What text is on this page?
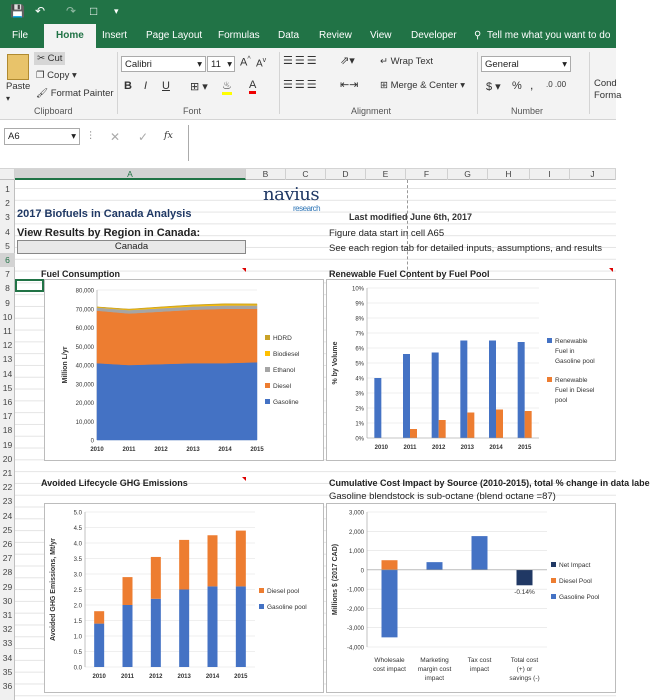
💾 ↶ ↷ □ ▾
File	Home	Insert Page Layout Formulas Data Review View Developer ⚲ Tell me what you want to do
Paste
▾
✂ Cut
❐ Copy ▾
🖌 Format Painter
Clipboard
Calibri	▾ 11 ▾ A^ $A^v$
B I U ⊞ ▾ ♨ A
Font
☰☰☰ ⇗▾	↵ Wrap Text
☰☰☰ ⇤⇥ ⊞ Merge & Center ▾
Alignment
General	▾
$ ▾ % , .0 .00
Number
Cond
Forma
A6	▾ ⋮ ✕ ✓ fx
A	B	C	D	E	F	G	H	I	J
1
2
3
4
5
6
7
8
9
10
11
12
13
14
15
16
17
18
19
20
21
22
23
24
25
26
27
28
29
30
31
32
33
34
35
36
2017 Biofuels in Canada Analysis
navius
research
Last modified June 6th, 2017
View Results by Region in Canada:
Canada
Figure data start in cell A65
See each region tab for detailed inputs, assumptions, and results
Fuel Consumption	Renewable Fuel Content by Fuel Pool
0
10,000
20,000
30,000
40,000
50,000
60,000
70,000
80,000
Million L/yr
2010	2011	2012	2013	2014	2015
HDRD
Biodiesel
Ethanol
Diesel
Gasoline
0%
1%
2%
3%
4%
5%
6%
7%
8%
9%
10%
% by Volume
2010	2011	2012	2013	2014	2015
Renewable
Fuel in
Gasoline pool
Renewable
Fuel in Diesel
pool
Avoided Lifecycle GHG Emissions	Cumulative Cost Impact by Source (2010-2015), total % change in data labe
Gasoline blendstock is sub-octane (blend octane =87)
0.0
0.5
1.0
1.5
2.0
2.5
3.0
3.5
4.0
4.5
5.0
Avoided GHG Emissions, Mt/yr
2010	2011	2012 2013 2014 2015
Diesel pool
Gasoline pool
-4,000
-3,000
-2,000
-1,000
0
1,000
2,000
3,000
Millions $ (2017 CAD)	-0.14%
Wholesale
cost impact
Marketing
margin cost
impact
Tax cost
impact
Total cost
(+) or
savings (-)
Net Impact
Diesel Pool
Gasoline Pool
